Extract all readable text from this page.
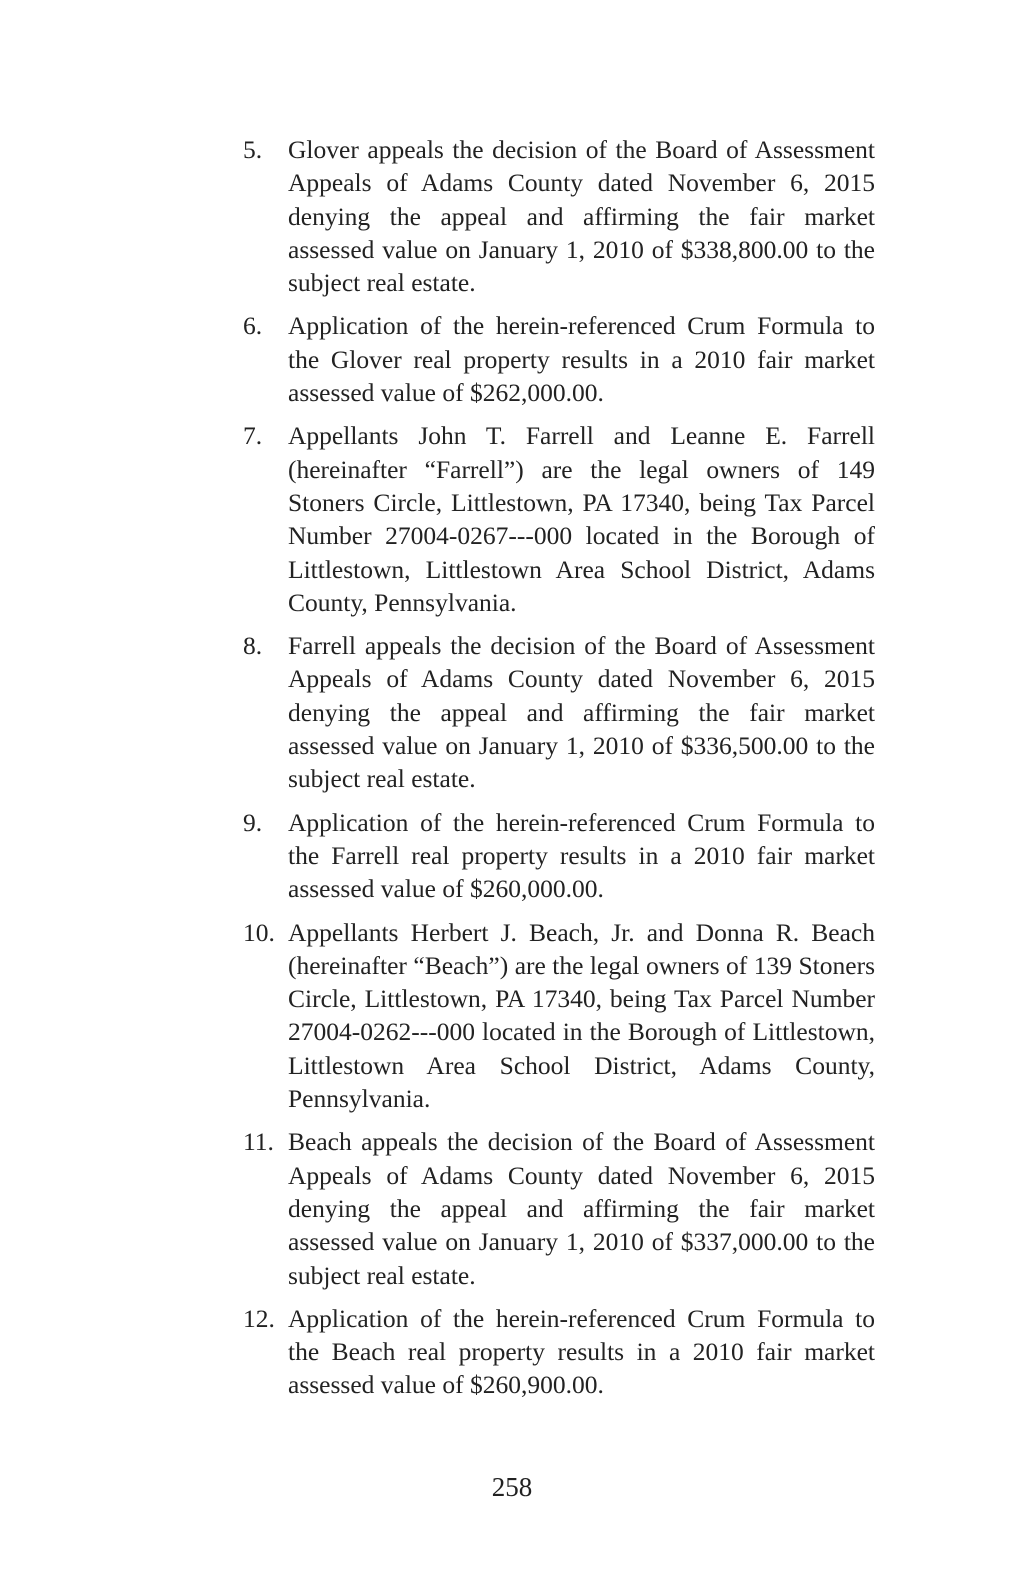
5.	Glover appeals the decision of the Board of Assessment Appeals of Adams County dated November 6, 2015 denying the appeal and affirming the fair market assessed value on January 1, 2010 of $338,800.00 to the subject real estate.
6.	Application of the herein-referenced Crum Formula to the Glover real property results in a 2010 fair market assessed value of $262,000.00.
7.	Appellants John T. Farrell and Leanne E. Farrell (hereinafter “Farrell”) are the legal owners of 149 Stoners Circle, Littlestown, PA 17340, being Tax Parcel Number 27004-0267---000 located in the Borough of Littlestown, Littlestown Area School District, Adams County, Pennsylvania.
8.	Farrell appeals the decision of the Board of Assessment Appeals of Adams County dated November 6, 2015 denying the appeal and affirming the fair market assessed value on January 1, 2010 of $336,500.00 to the subject real estate.
9.	Application of the herein-referenced Crum Formula to the Farrell real property results in a 2010 fair market assessed value of $260,000.00.
10. Appellants Herbert J. Beach, Jr. and Donna R. Beach (hereinafter “Beach”) are the legal owners of 139 Stoners Circle, Littlestown, PA 17340, being Tax Parcel Number 27004-0262---000 located in the Borough of Littlestown, Littlestown Area School District, Adams County, Pennsylvania.
11. Beach appeals the decision of the Board of Assessment Appeals of Adams County dated November 6, 2015 denying the appeal and affirming the fair market assessed value on January 1, 2010 of $337,000.00 to the subject real estate.
12. Application of the herein-referenced Crum Formula to the Beach real property results in a 2010 fair market assessed value of $260,900.00.
258
